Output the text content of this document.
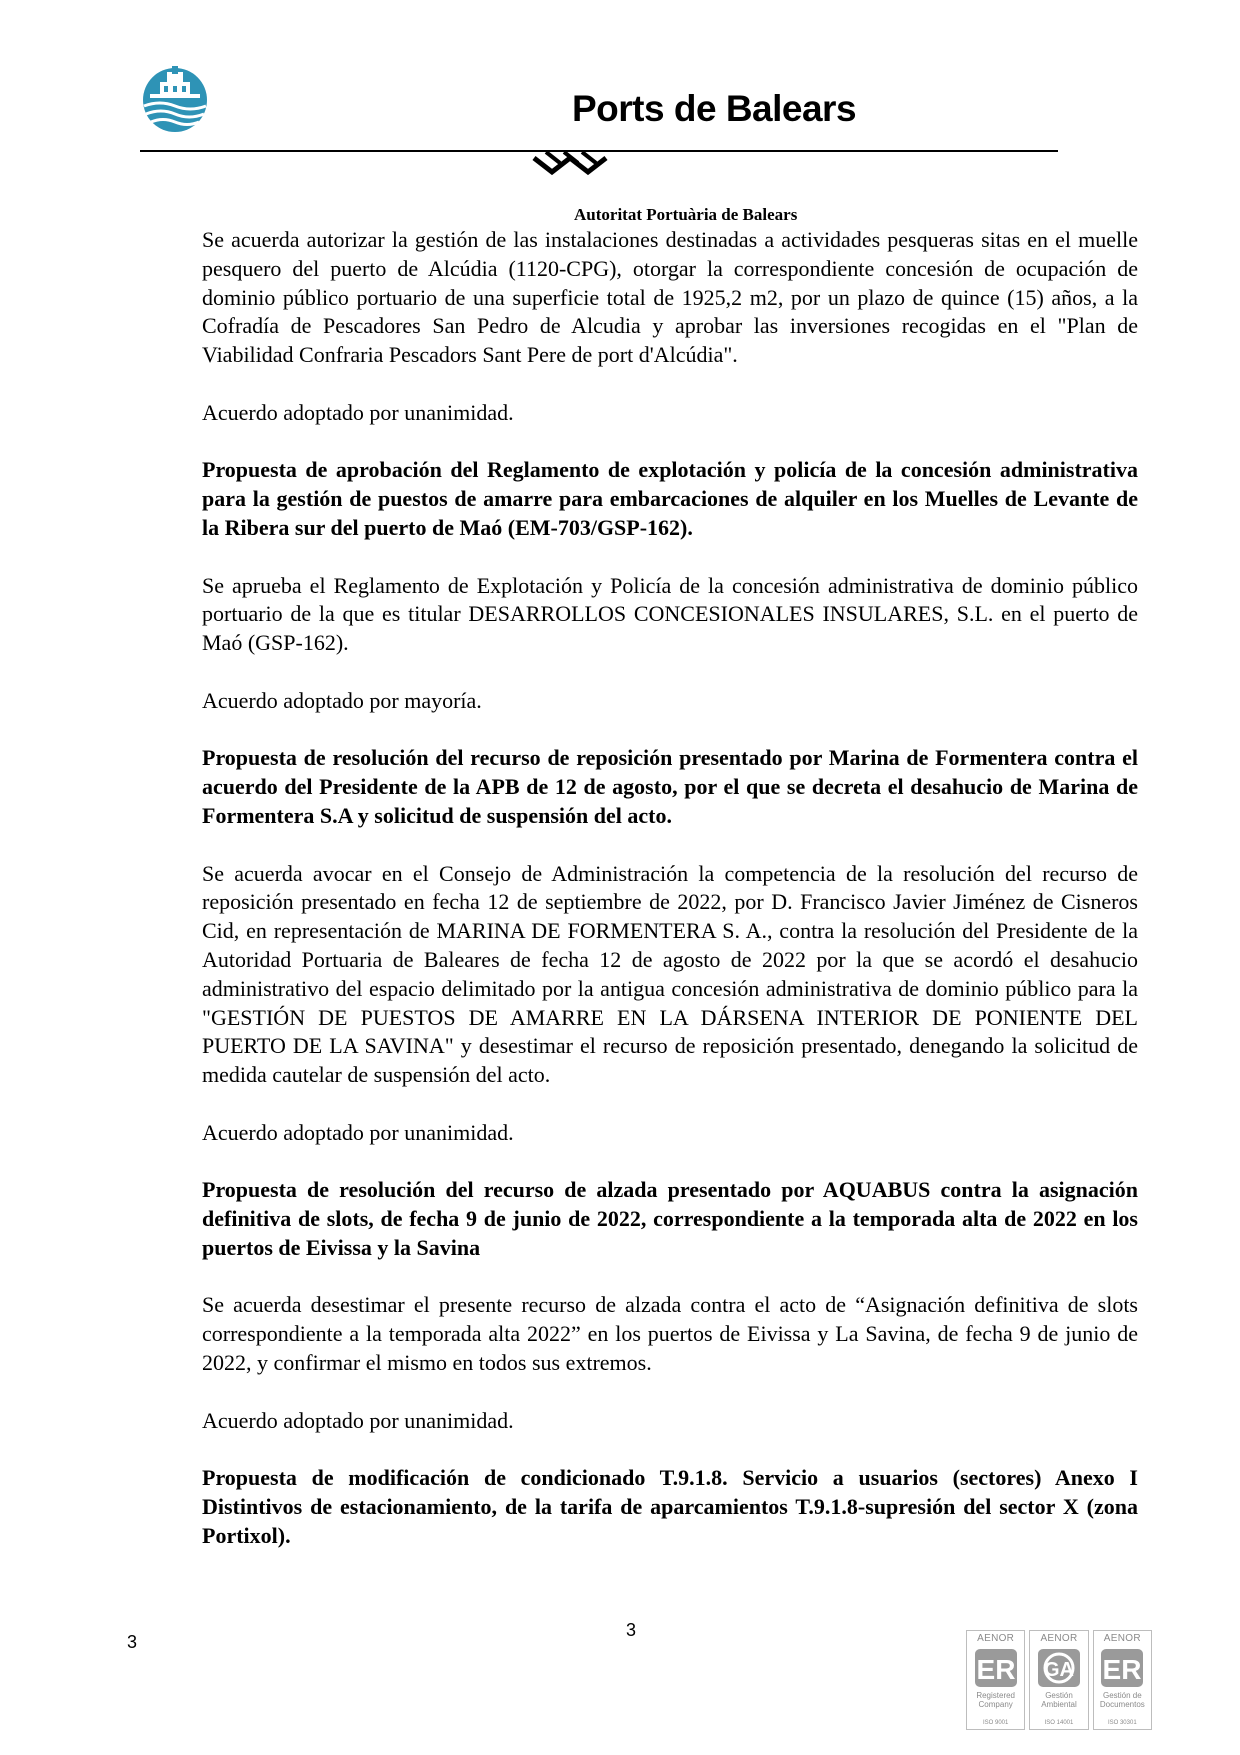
Ports de Balears
Autoritat Portuària de Balears

Se acuerda autorizar la gestión de las instalaciones destinadas a actividades pesqueras sitas en el muelle pesquero del puerto de Alcúdia (1120-CPG), otorgar la correspondiente concesión de ocupación de dominio público portuario de una superficie total de 1925,2 m2, por un plazo de quince (15) años, a la Cofradía de Pescadores San Pedro de Alcudia y aprobar las inversiones recogidas en el "Plan de Viabilidad Confraria Pescadors Sant Pere de port d'Alcúdia".

Acuerdo adoptado por unanimidad.

Propuesta de aprobación del Reglamento de explotación y policía de la concesión administrativa para la gestión de puestos de amarre para embarcaciones de alquiler en los Muelles de Levante de la Ribera sur del puerto de Maó (EM-703/GSP-162).

Se aprueba el Reglamento de Explotación y Policía de la concesión administrativa de dominio público portuario de la que es titular DESARROLLOS CONCESIONALES INSULARES, S.L. en el puerto de Maó (GSP-162).

Acuerdo adoptado por mayoría.

Propuesta de resolución del recurso de reposición presentado por Marina de Formentera contra el acuerdo del Presidente de la APB de 12 de agosto, por el que se decreta el desahucio de Marina de Formentera S.A y solicitud de suspensión del acto.

Se acuerda avocar en el Consejo de Administración la competencia de la resolución del recurso de reposición presentado en fecha 12 de septiembre de 2022, por D. Francisco Javier Jiménez de Cisneros Cid, en representación de MARINA DE FORMENTERA S. A., contra la resolución del Presidente de la Autoridad Portuaria de Baleares de fecha 12 de agosto de 2022 por la que se acordó el desahucio administrativo del espacio delimitado por la antigua concesión administrativa de dominio público para la "GESTIÓN DE PUESTOS DE AMARRE EN LA DÁRSENA INTERIOR DE PONIENTE DEL PUERTO DE LA SAVINA" y desestimar el recurso de reposición presentado, denegando la solicitud de medida cautelar de suspensión del acto.

Acuerdo adoptado por unanimidad.

Propuesta de resolución del recurso de alzada presentado por AQUABUS contra la asignación definitiva de slots, de fecha 9 de junio de 2022, correspondiente a la temporada alta de 2022 en los puertos de Eivissa y la Savina

Se acuerda desestimar el presente recurso de alzada contra el acto de “Asignación definitiva de slots correspondiente a la temporada alta 2022” en los puertos de Eivissa y La Savina, de fecha 9 de junio de 2022, y confirmar el mismo en todos sus extremos.

Acuerdo adoptado por unanimidad.

Propuesta de modificación de condicionado T.9.1.8. Servicio a usuarios (sectores) Anexo I Distintivos de estacionamiento, de la tarifa de aparcamientos T.9.1.8-supresión del sector X (zona Portixol).

3
3	AENOR
ER
Registered Company
ISO 9001
AENOR
GA
Gestión Ambiental
ISO 14001
AENOR
ER
Gestión de Documentos
ISO 30301
